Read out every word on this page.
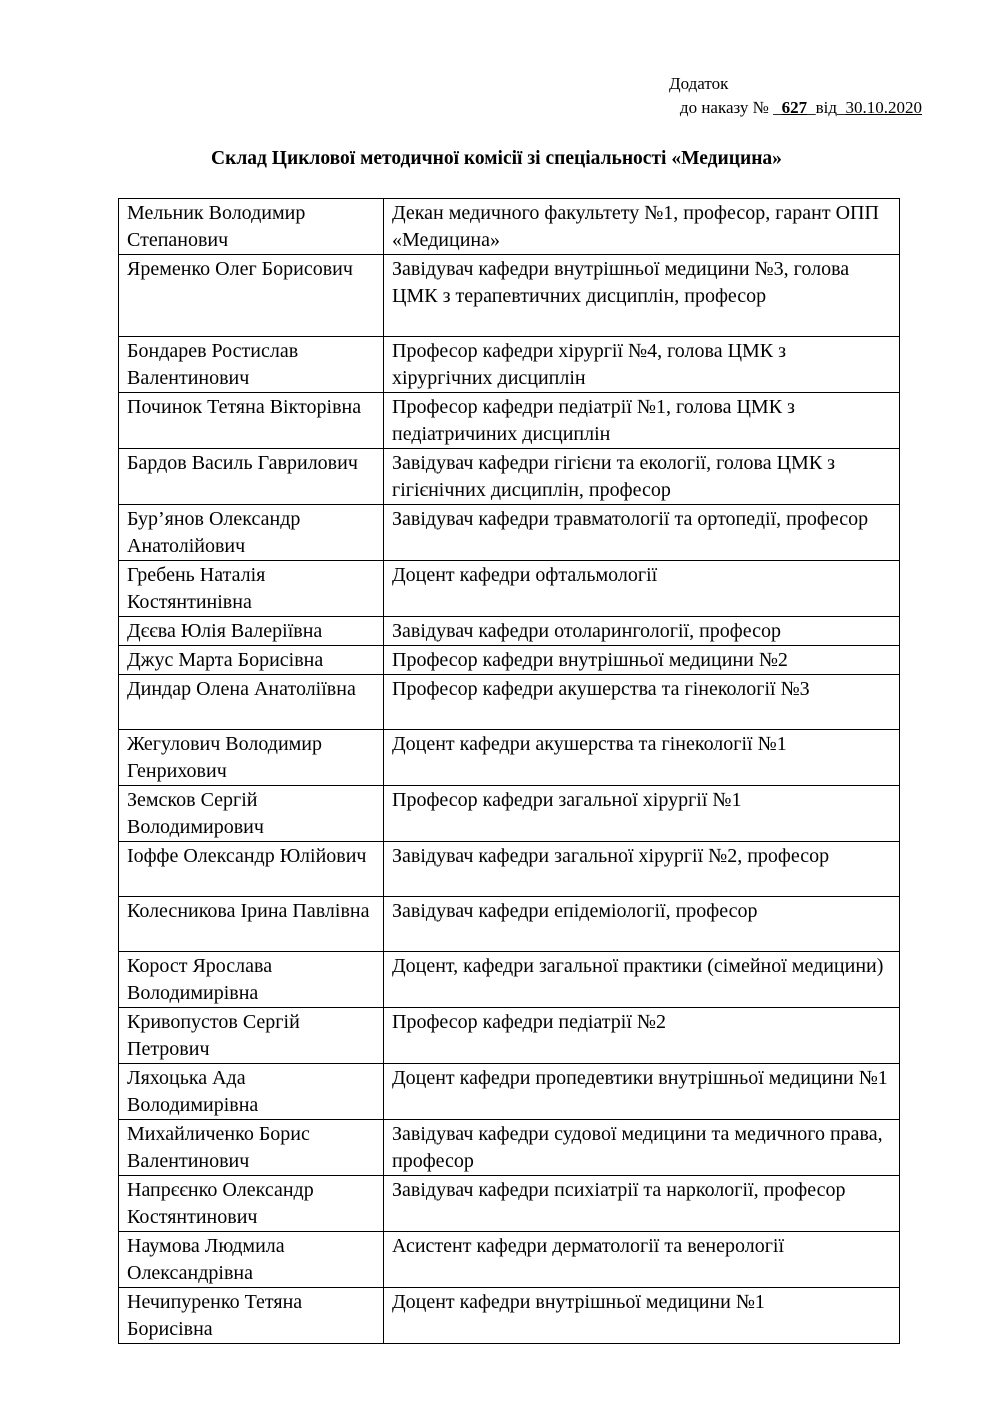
Додаток
до наказу № _627_від_30.10.2020
Склад Циклової методичної комісії зі спеціальності «Медицина»
Мельник Володимир Степанович	Декан медичного факультету №1, професор, гарант ОПП «Медицина»
Яременко Олег Борисович	Завідувач кафедри внутрішньої медицини №3, голова ЦМК з терапевтичних дисциплін, професор
Бондарев Ростислав Валентинович	Професор кафедри хірургії №4, голова ЦМК з хірургічних дисциплін
Починок Тетяна Вікторівна	Професор кафедри педіатрії №1, голова ЦМК з педіатричиних дисциплін
Бардов Василь Гаврилович	Завідувач кафедри гігієни та екології, голова ЦМК з гігієнічних дисциплін, професор
Бур’янов Олександр Анатолійович	Завідувач кафедри травматології та ортопедії, професор
Гребень Наталія Костянтинівна	Доцент кафедри офтальмології
Дєєва Юлія Валеріївна	Завідувач кафедри отоларингології, професор
Джус Марта Борисівна	Професор кафедри внутрішньої медицини №2
Диндар Олена Анатоліївна	Професор кафедри акушерства та гінекології №3
Жегулович Володимир Генрихович	Доцент кафедри акушерства та гінекології №1
Земсков Сергій Володимирович	Професор кафедри загальної хірургії №1
Іоффе Олександр Юлійович	Завідувач кафедри загальної хірургії №2, професор
Колесникова Ірина Павлівна	Завідувач кафедри епідеміології, професор
Корост Ярослава Володимирівна	Доцент, кафедри загальної практики (сімейної медицини)
Кривопустов Сергій Петрович	Професор кафедри педіатрії №2
Ляхоцька Ада Володимирівна	Доцент кафедри пропедевтики внутрішньої медицини №1
Михайличенко Борис Валентинович	Завідувач кафедри судової медицини та медичного права, професор
Напрєєнко Олександр Костянтинович	Завідувач кафедри психіатрії та наркології, професор
Наумова Людмила Олександрівна	Асистент кафедри дерматології та венерології
Нечипуренко Тетяна Борисівна	Доцент кафедри внутрішньої медицини №1
